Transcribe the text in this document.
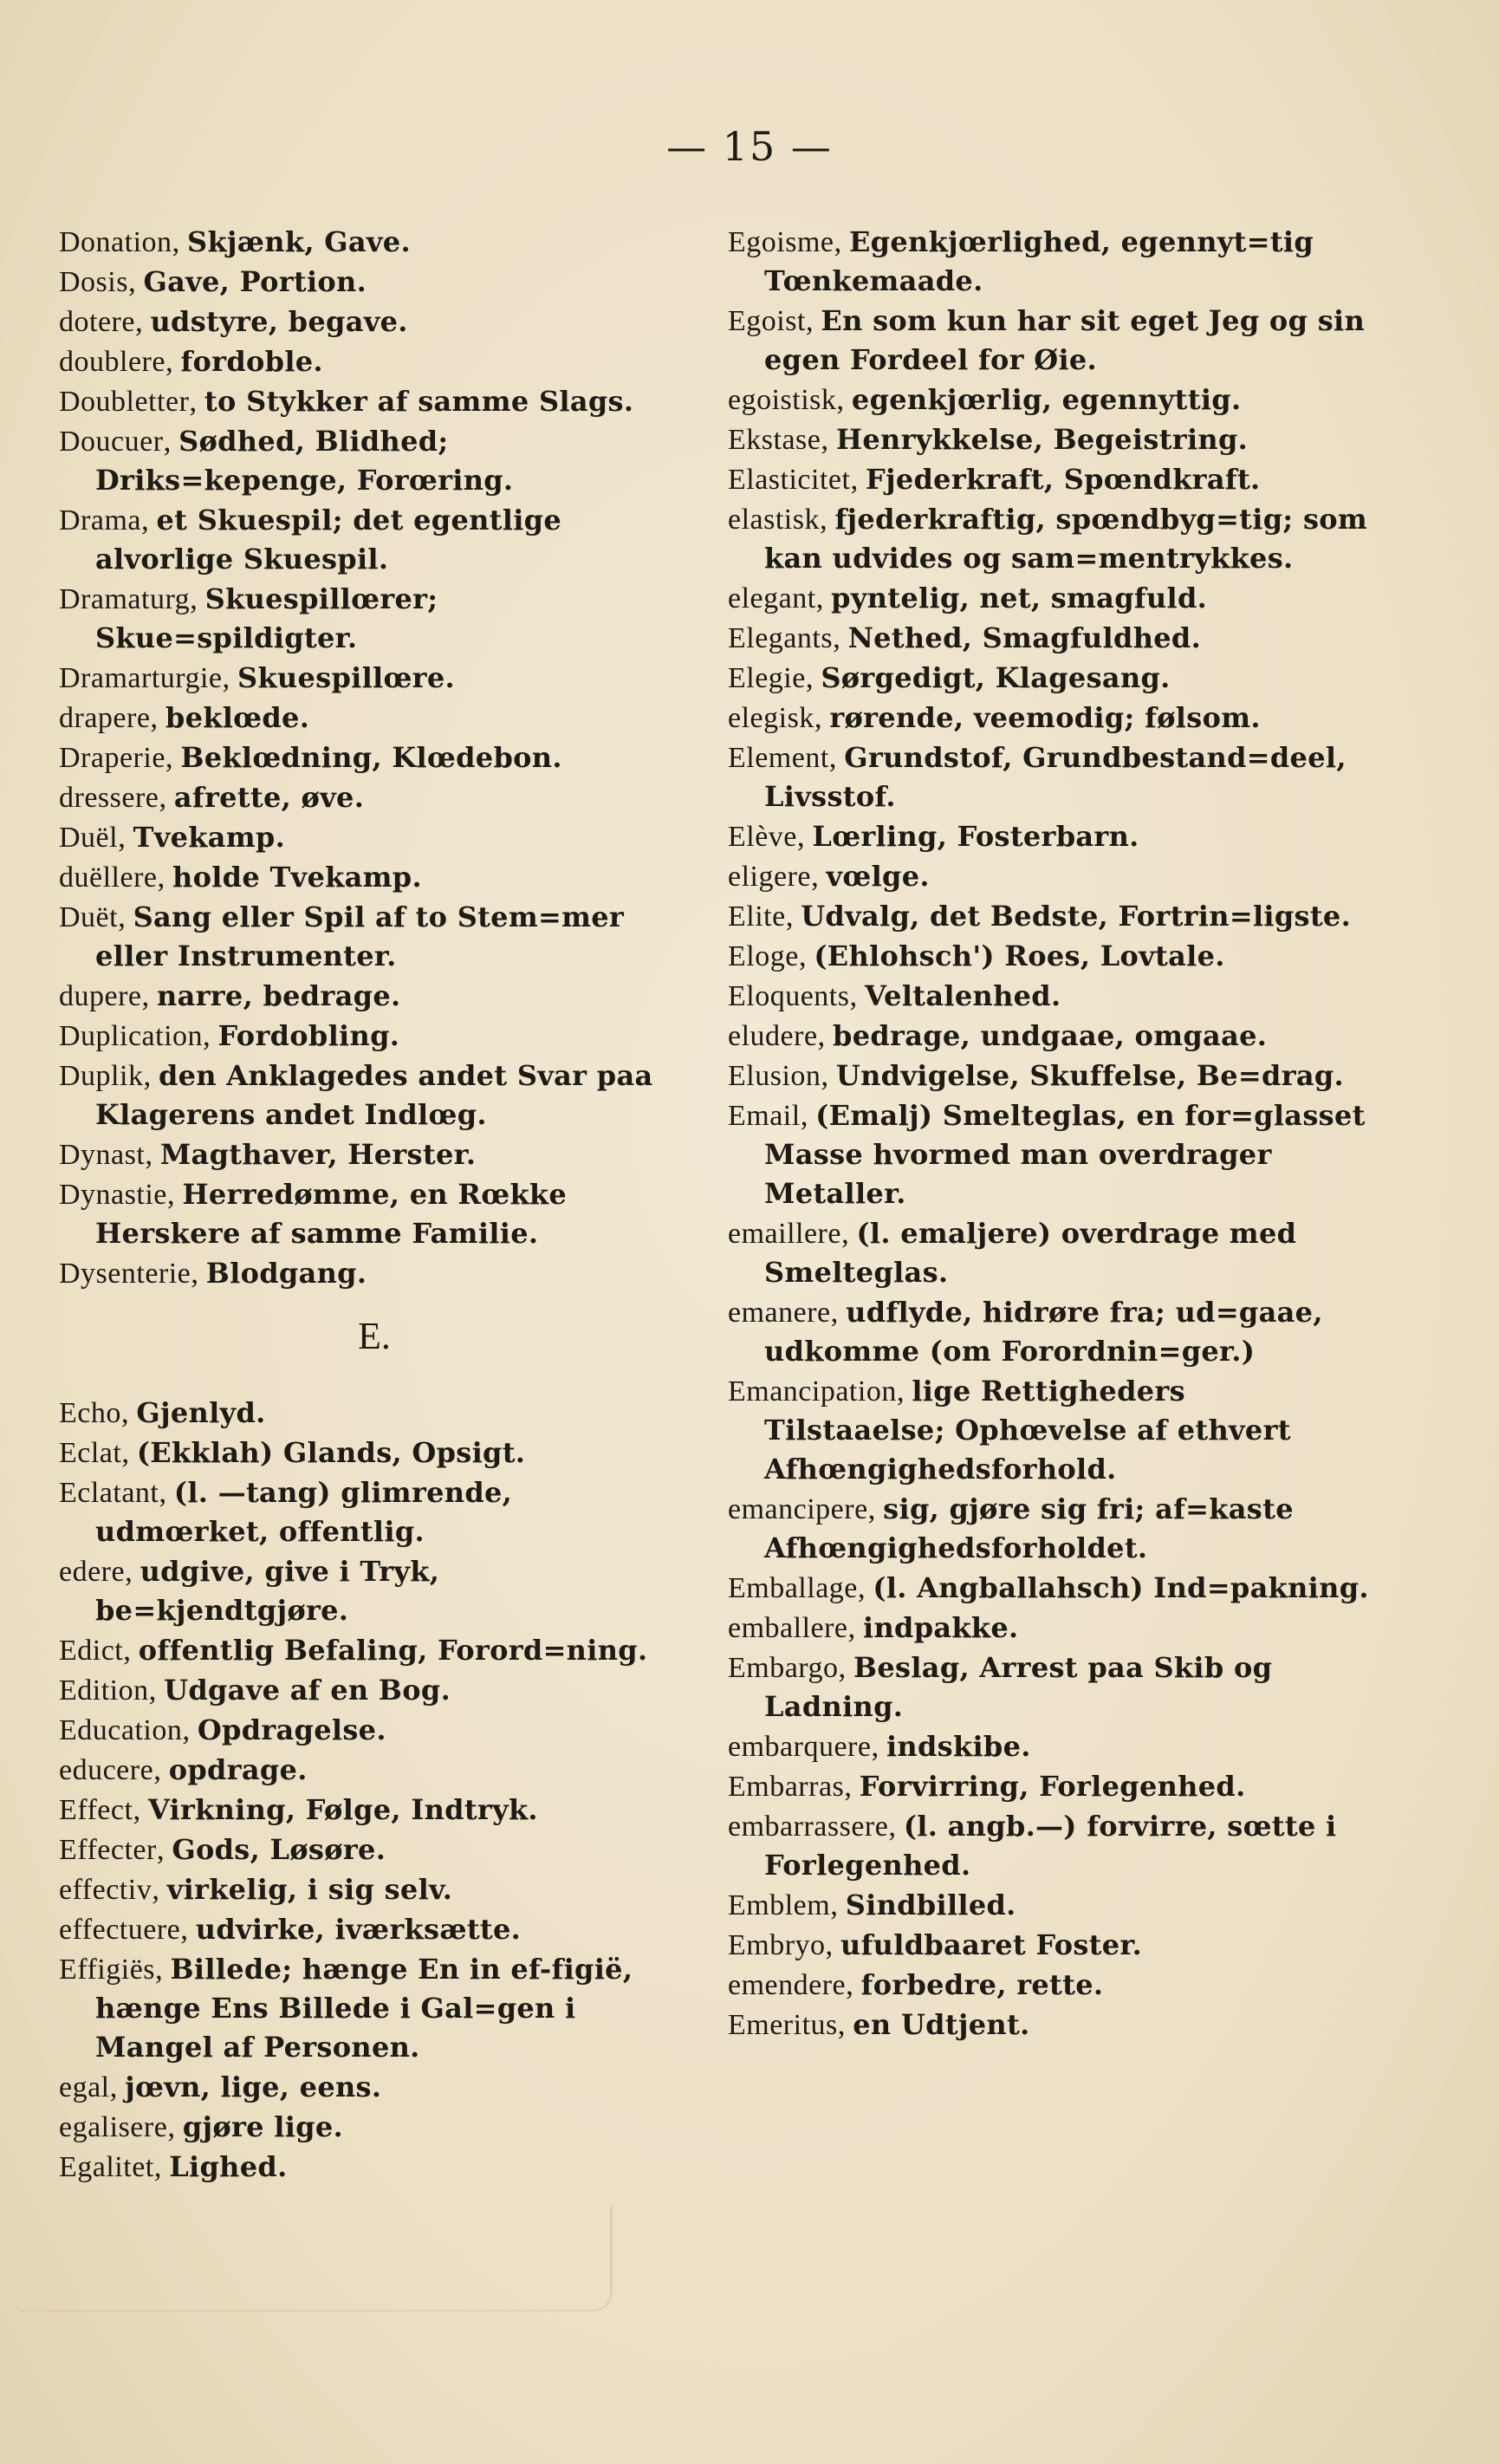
— 15 —

Donation, Skjænk, Gave.

Dosis, Gave, Portion.

dotere, udstyre, begave.

doublere, fordoble.

Doubletter, to Stykker af samme Slags.

Doucuer, Sødhed, Blidhed; Driks=kepenge, Forœring.

Drama, et Skuespil; det egentlige alvorlige Skuespil.

Dramaturg, Skuespillœrer; Skue=spildigter.

Dramarturgie, Skuespillœre.

drapere, beklœde.

Draperie, Beklœdning, Klœdebon.

dressere, afrette, øve.

Duël, Tvekamp.

duëllere, holde Tvekamp.

Duët, Sang eller Spil af to Stem=mer eller Instrumenter.

dupere, narre, bedrage.

Duplication, Fordobling.

Duplik, den Anklagedes andet Svar paa Klagerens andet Indlœg.

Dynast, Magthaver, Herster.

Dynastie, Herredømme, en Rœkke Herskere af samme Familie.

Dysenterie, Blodgang.

E.

Echo, Gjenlyd.

Eclat, (Ekklah) Glands, Opsigt.

Eclatant, (l. —tang) glimrende, udmœrket, offentlig.

edere, udgive, give i Tryk, be=kjendtgjøre.

Edict, offentlig Befaling, Forord=ning.

Edition, Udgave af en Bog.

Education, Opdragelse.

educere, opdrage.

Effect, Virkning, Følge, Indtryk.

Effecter, Gods, Løsøre.

effectiv, virkelig, i sig selv.

effectuere, udvirke, iværksætte.

Effigiës, Billede; hænge En in ef-figië, hænge Ens Billede i Gal=gen i Mangel af Personen.

egal, jœvn, lige, eens.

egalisere, gjøre lige.

Egalitet, Lighed.

Egoisme, Egenkjœrlighed, egennyt=tig Tœnkemaade.

Egoist, En som kun har sit eget Jeg og sin egen Fordeel for Øie.

egoistisk, egenkjœrlig, egennyttig.

Ekstase, Henrykkelse, Begeistring.

Elasticitet, Fjederkraft, Spœndkraft.

elastisk, fjederkraftig, spœndbyg=tig; som kan udvides og sam=mentrykkes.

elegant, pyntelig, net, smagfuld.

Elegants, Nethed, Smagfuldhed.

Elegie, Sørgedigt, Klagesang.

elegisk, rørende, veemodig; følsom.

Element, Grundstof, Grundbestand=deel, Livsstof.

Elève, Lœrling, Fosterbarn.

eligere, vœlge.

Elite, Udvalg, det Bedste, Fortrin=ligste.

Eloge, (Ehlohsch') Roes, Lovtale.

Eloquents, Veltalenhed.

eludere, bedrage, undgaae, omgaae.

Elusion, Undvigelse, Skuffelse, Be=drag.

Email, (Emalj) Smelteglas, en for=glasset Masse hvormed man overdrager Metaller.

emaillere, (l. emaljere) overdrage med Smelteglas.

emanere, udflyde, hidrøre fra; ud=gaae, udkomme (om Forordnin=ger.)

Emancipation, lige Rettigheders Tilstaaelse; Ophœvelse af ethvert Afhœngighedsforhold.

emancipere, sig, gjøre sig fri; af=kaste Afhœngighedsforholdet.

Emballage, (l. Angballahsch) Ind=pakning.

emballere, indpakke.

Embargo, Beslag, Arrest paa Skib og Ladning.

embarquere, indskibe.

Embarras, Forvirring, Forlegenhed.

embarrassere, (l. angb.—) forvirre, sœtte i Forlegenhed.

Emblem, Sindbilled.

Embryo, ufuldbaaret Foster.

emendere, forbedre, rette.

Emeritus, en Udtjent.
